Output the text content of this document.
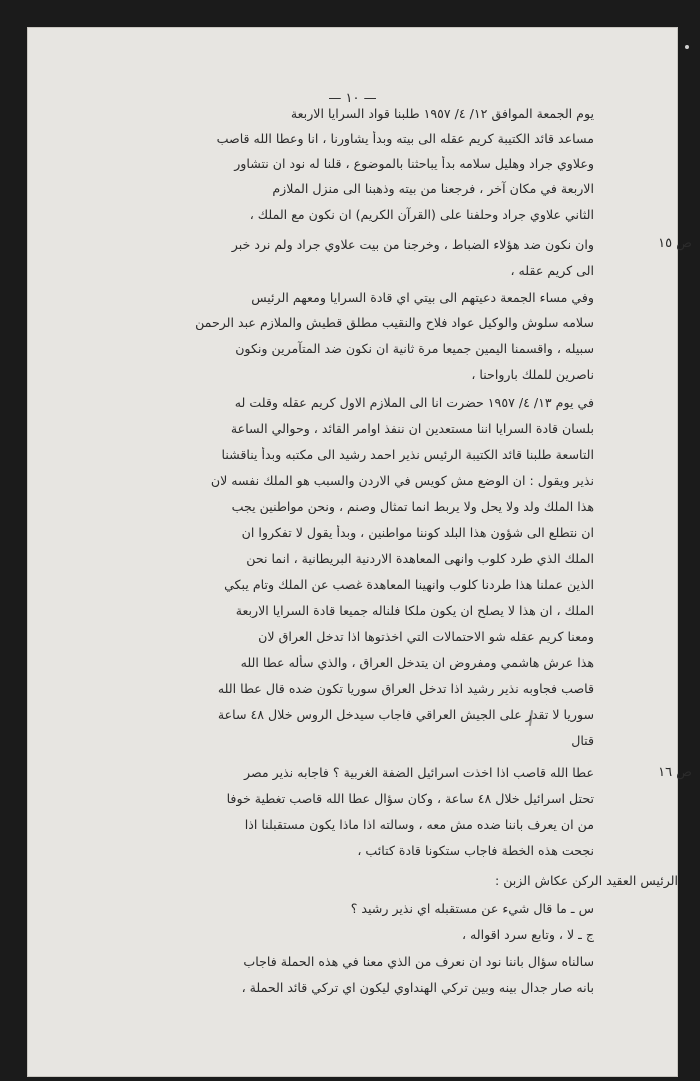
— ١٠ —
ص ١٥
ص ١٦
يوم الجمعة الموافق ١٢/ ٤/ ١٩٥٧ طلبنا قواد السرايا الاربعة
مساعد قائد الكتيبة كريم عقله الى بيته وبدأ يشاورنا ، انا وعطا الله قاصب
وعلاوي جراد وهليل سلامه بدأ يباحثنا بالموضوع ، قلنا له نود ان نتشاور
الاربعة في مكان آخر ، فرجعنا من بيته وذهبنا الى منزل الملازم
الثاني علاوي جراد وحلفنا على (القرآن الكريم) ان نكون مع الملك ،
وان نكون ضد هؤلاء الضباط ، وخرجنا من بيت علاوي جراد ولم نرد خبر
الى كريم عقله ،
وفي مساء الجمعة دعيتهم الى بيتي اي قادة السرايا ومعهم الرئيس
سلامه سلوش والوكيل عواد فلاح والنقيب مطلق قطيش والملازم عبد الرحمن
سبيله ، واقسمنا اليمين جميعا مرة ثانية ان نكون ضد المتآمرين ونكون
ناصرين للملك بارواحنا ،
في يوم ١٣/ ٤/ ١٩٥٧ حضرت انا الى الملازم الاول كريم عقله وقلت له
بلسان قادة السرايا اننا مستعدين ان ننفذ اوامر القائد ، وحوالي الساعة
التاسعة طلبنا قائد الكتيبة الرئيس نذير احمد رشيد الى مكتبه وبدأ يناقشنا
نذير ويقول : ان الوضع مش كويس في الاردن والسبب هو الملك نفسه لان
هذا الملك ولد ولا يحل ولا يربط انما تمثال وصنم ، ونحن مواطنين يجب
ان نتطلع الى شؤون هذا البلد كوننا مواطنين ، وبدأ يقول لا تفكروا ان
الملك الذي طرد كلوب وانهى المعاهدة الاردنية البريطانية ، انما نحن
الذين عملنا هذا طردنا كلوب وانهينا المعاهدة غصب عن الملك وتام يبكي
الملك ، ان هذا لا يصلح ان يكون ملكا فلناله جميعا قادة السرايا الاربعة
ومعنا كريم عقله شو الاحتمالات التي اخذتوها اذا تدخل العراق لان
هذا عرش هاشمي ومفروض ان يتدخل العراق ، والذي سأله عطا الله
قاصب فجاوبه نذير رشيد اذا تدخل العراق سوريا تكون ضده قال عطا الله
سوريا لا تقدر على الجيش العراقي فاجاب سيدخل الروس خلال ٤٨ ساعة
قتال
عطا الله قاصب اذا اخذت اسرائيل الضفة الغربية ؟ فاجابه نذير مصر
تحتل اسرائيل خلال ٤٨ ساعة ، وكان سؤال عطا الله قاصب تغطية خوفا
من ان يعرف باننا ضده مش معه ، وسالته اذا ماذا يكون مستقبلنا اذا
نجحت هذه الخطة فاجاب ستكونا قادة كتائب ،
الرئيس العقيد الركن عكاش الزبن :
س ـ ما قال شيء عن مستقبله اي نذير رشيد ؟
ج ـ لا ، وتابع سرد اقواله ،
سالناه سؤال باننا نود ان نعرف من الذي معنا في هذه الحملة فاجاب
بانه صار جدال بينه وبين تركي الهنداوي ليكون اي تركي قائد الحملة ،
